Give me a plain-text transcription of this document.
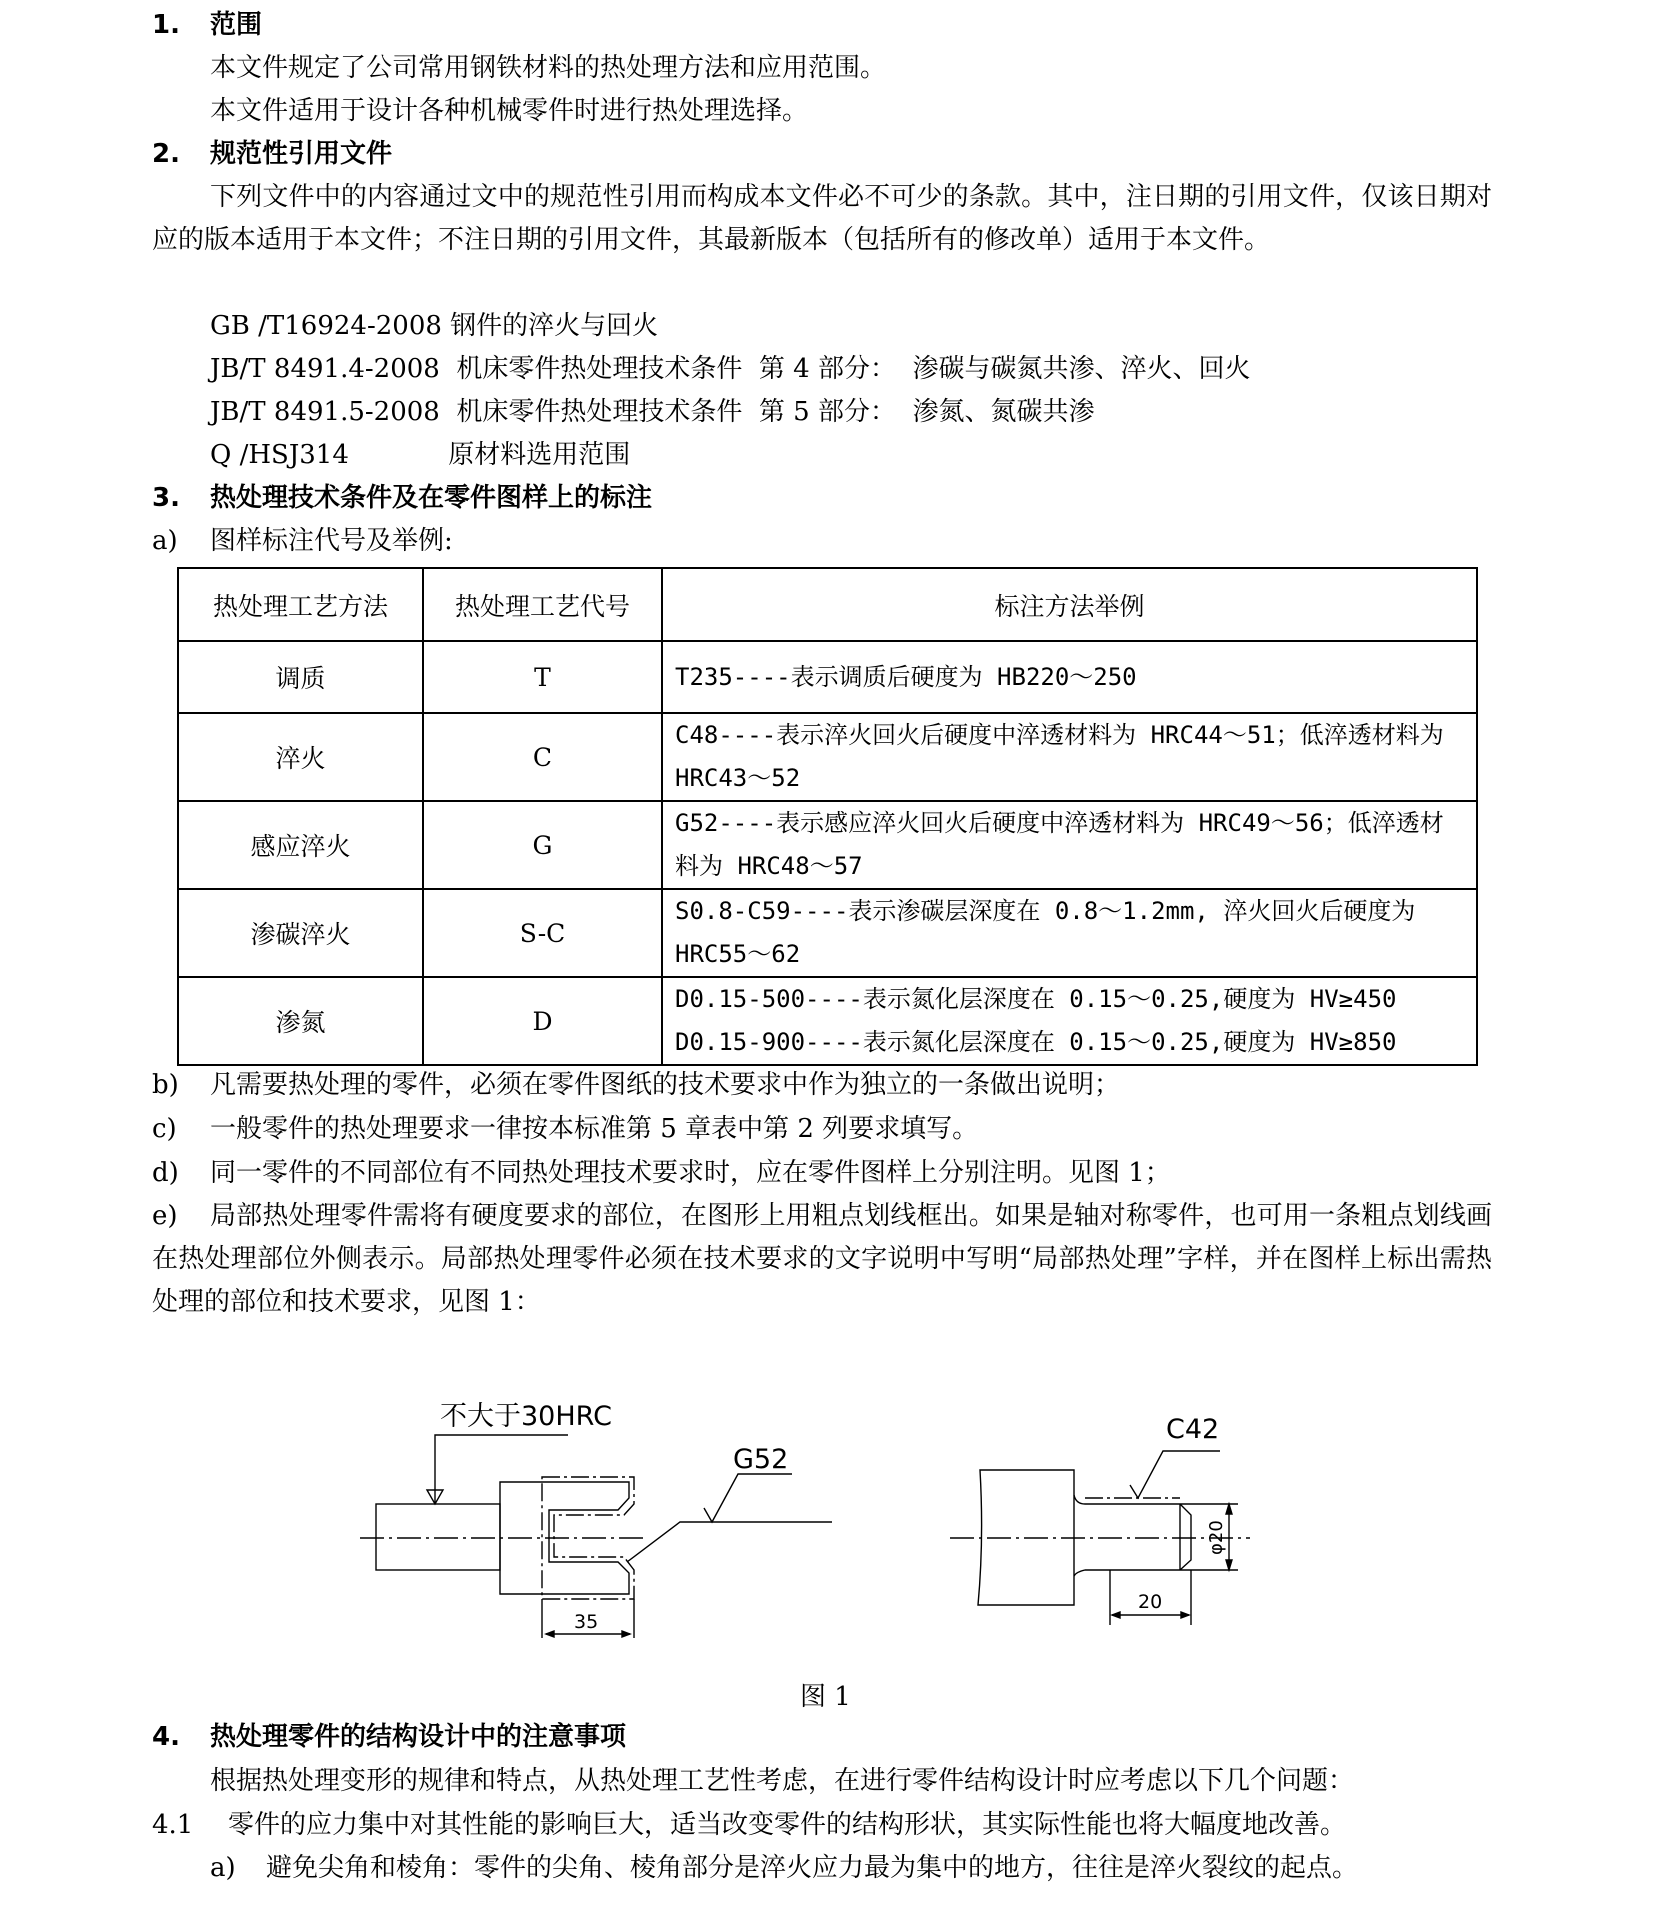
1. 范围
本文件规定了公司常用钢铁材料的热处理方法和应用范围。
本文件适用于设计各种机械零件时进行热处理选择。
2. 规范性引用文件
下列文件中的内容通过文中的规范性引用而构成本文件必不可少的条款。其中，注日期的引用文件，仅该日期对应的版本适用于本文件；不注日期的引用文件，其最新版本（包括所有的修改单）适用于本文件。
GB /T16924-2008 钢件的淬火与回火
JB/T 8491.4-2008 机床零件热处理技术条件  第 4 部分：  渗碳与碳氮共渗、淬火、回火
JB/T 8491.5-2008 机床零件热处理技术条件  第 5 部分：  渗氮、氮碳共渗
Q /HSJ314	原材料选用范围
3. 热处理技术条件及在零件图样上的标注
a) 图样标注代号及举例:
热处理工艺方法	热处理工艺代号	标注方法举例
调质	T	T235----表示调质后硬度为 HB220～250
淬火	C	C48----表示淬火回火后硬度中淬透材料为 HRC44～51；低淬透材料为 HRC43～52
感应淬火	G	G52----表示感应淬火回火后硬度中淬透材料为 HRC49～56；低淬透材料为 HRC48～57
渗碳淬火	S-C	S0.8-C59----表示渗碳层深度在 0.8～1.2mm, 淬火回火后硬度为 HRC55～62
渗氮	D	D0.15-500----表示氮化层深度在 0.15～0.25,硬度为 HV≥450
D0.15-900----表示氮化层深度在 0.15～0.25,硬度为 HV≥850
b) 凡需要热处理的零件，必须在零件图纸的技术要求中作为独立的一条做出说明；
c) 一般零件的热处理要求一律按本标准第 5 章表中第 2 列要求填写。
d) 同一零件的不同部位有不同热处理技术要求时，应在零件图样上分别注明。见图 1；
e) 局部热处理零件需将有硬度要求的部位，在图形上用粗点划线框出。如果是轴对称零件，也可用一条粗点划线画在热处理部位外侧表示。局部热处理零件必须在技术要求的文字说明中写明“局部热处理”字样，并在图样上标出需热处理的部位和技术要求，见图 1：
不大于30HRC
G52
35
C42
20
φ20
图 1
4. 热处理零件的结构设计中的注意事项
根据热处理变形的规律和特点，从热处理工艺性考虑，在进行零件结构设计时应考虑以下几个问题：
4.1 零件的应力集中对其性能的影响巨大，适当改变零件的结构形状，其实际性能也将大幅度地改善。
a) 避免尖角和棱角：零件的尖角、棱角部分是淬火应力最为集中的地方，往往是淬火裂纹的起点。
